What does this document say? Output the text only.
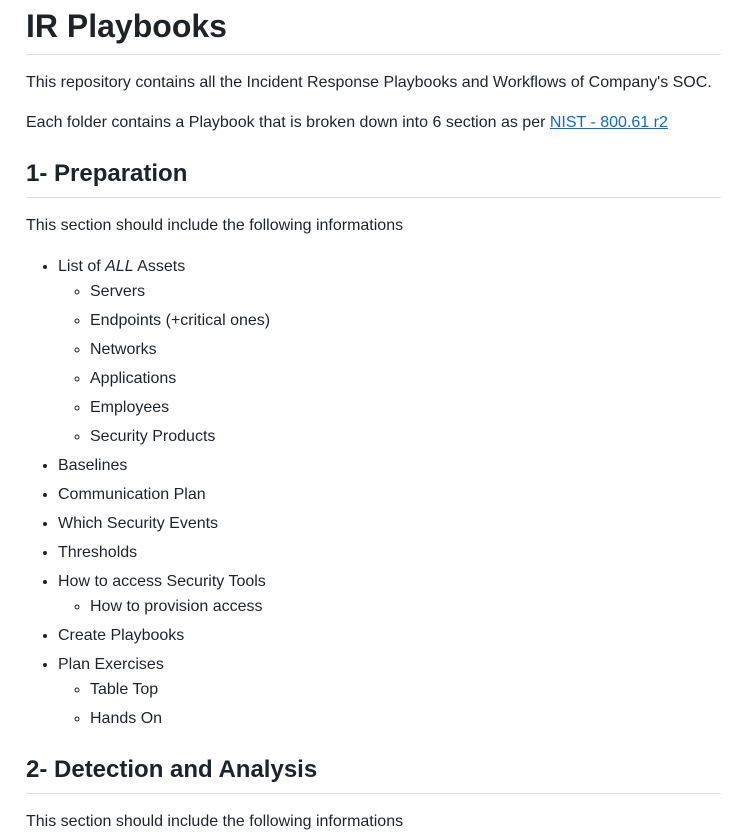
IR Playbooks

This repository contains all the Incident Response Playbooks and Workflows of Company's SOC.

Each folder contains a Playbook that is broken down into 6 section as per NIST - 800.61 r2

1- Preparation

This section should include the following informations

• List of ALL Assets
◦ Servers
◦ Endpoints (+critical ones)
◦ Networks
◦ Applications
◦ Employees
◦ Security Products
• Baselines
• Communication Plan
• Which Security Events
• Thresholds
• How to access Security Tools
◦ How to provision access
• Create Playbooks
• Plan Exercises
◦ Table Top
◦ Hands On
2- Detection and Analysis

This section should include the following informations
